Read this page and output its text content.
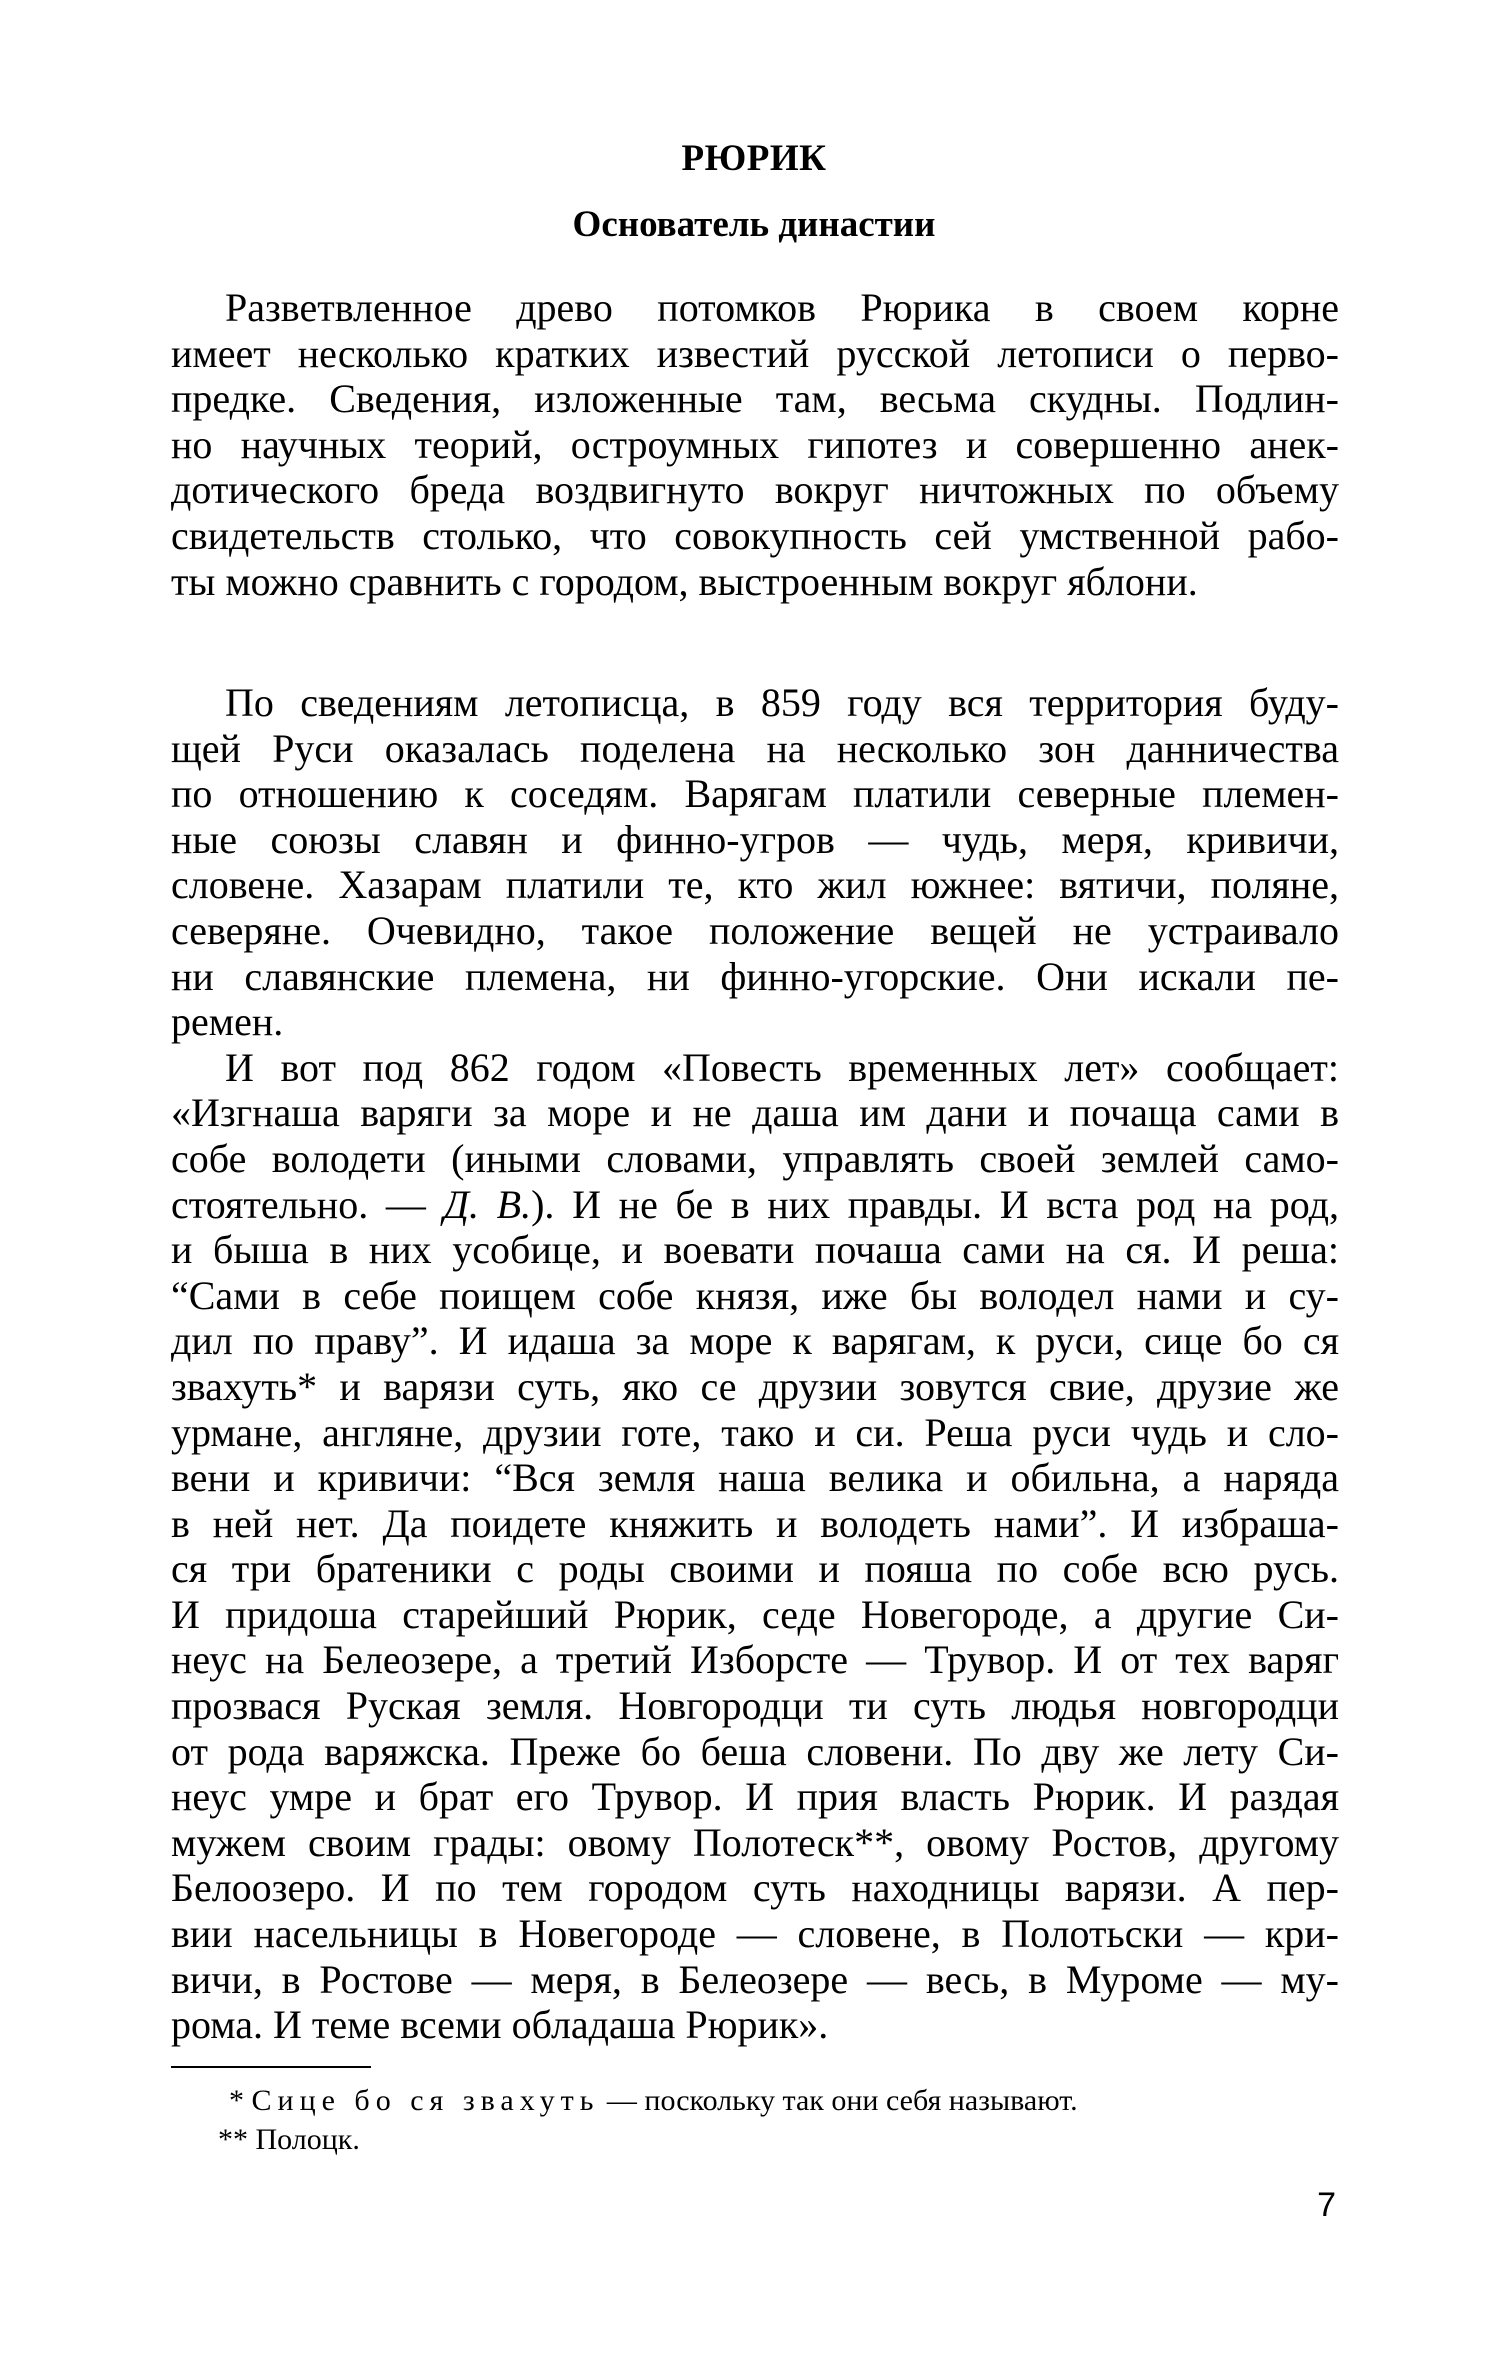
РЮРИК
Основатель династии
Разветвленное древо потомков Рюрика в своем корне
имеет несколько кратких известий русской летописи о перво-
предке. Сведения, изложенные там, весьма скудны. Подлин-
но научных теорий, остроумных гипотез и совершенно анек-
дотического бреда воздвигнуто вокруг ничтожных по объему
свидетельств столько, что совокупность сей умственной рабо-
ты можно сравнить с городом, выстроенным вокруг яблони.
По сведениям летописца, в 859 году вся территория буду-
щей Руси оказалась поделена на несколько зон данничества
по отношению к соседям. Варягам платили северные племен-
ные союзы славян и финно-угров — чудь, меря, кривичи,
словене. Хазарам платили те, кто жил южнее: вятичи, поляне,
северяне. Очевидно, такое положение вещей не устраивало
ни славянские племена, ни финно-угорские. Они искали пе-
ремен.
И вот под 862 годом «Повесть временных лет» сообщает:
«Изгнаша варяги за море и не даша им дани и почаща сами в
собе володети (иными словами, управлять своей землей само-
стоятельно. — Д. В.). И не бе в них правды. И вста род на род,
и быша в них усобице, и воевати почаша сами на ся. И реша:
“Сами в себе поищем собе князя, иже бы володел нами и су-
дил по праву”. И идаша за море к варягам, к руси, сице бо ся
звахуть* и варязи суть, яко се друзии зовутся свие, друзие же
урмане, англяне, друзии готе, тако и си. Реша руси чудь и сло-
вени и кривичи: “Вся земля наша велика и обильна, а наряда
в ней нет. Да поидете княжить и володеть нами”. И избраша-
ся три братеники с роды своими и пояша по собе всю русь.
И придоша старейший Рюрик, седе Новегороде, а другие Си-
неус на Белеозере, а третий Изборсте — Трувор. И от тех варяг
прозвася Руская земля. Новгородци ти суть людья новгородци
от рода варяжска. Преже бо беша словени. По дву же лету Си-
неус умре и брат его Трувор. И прия власть Рюрик. И раздая
мужем своим грады: овому Полотеск**, овому Ростов, другому
Белоозеро. И по тем городом суть находницы варязи. А пер-
вии насельницы в Новегороде — словене, в Полотьски — кри-
вичи, в Ростове — меря, в Белеозере — весь, в Муроме — му-
рома. И теме всеми обладаша Рюрик».
* Сице бо ся звахуть — поскольку так они себя называют.
** Полоцк.
7
